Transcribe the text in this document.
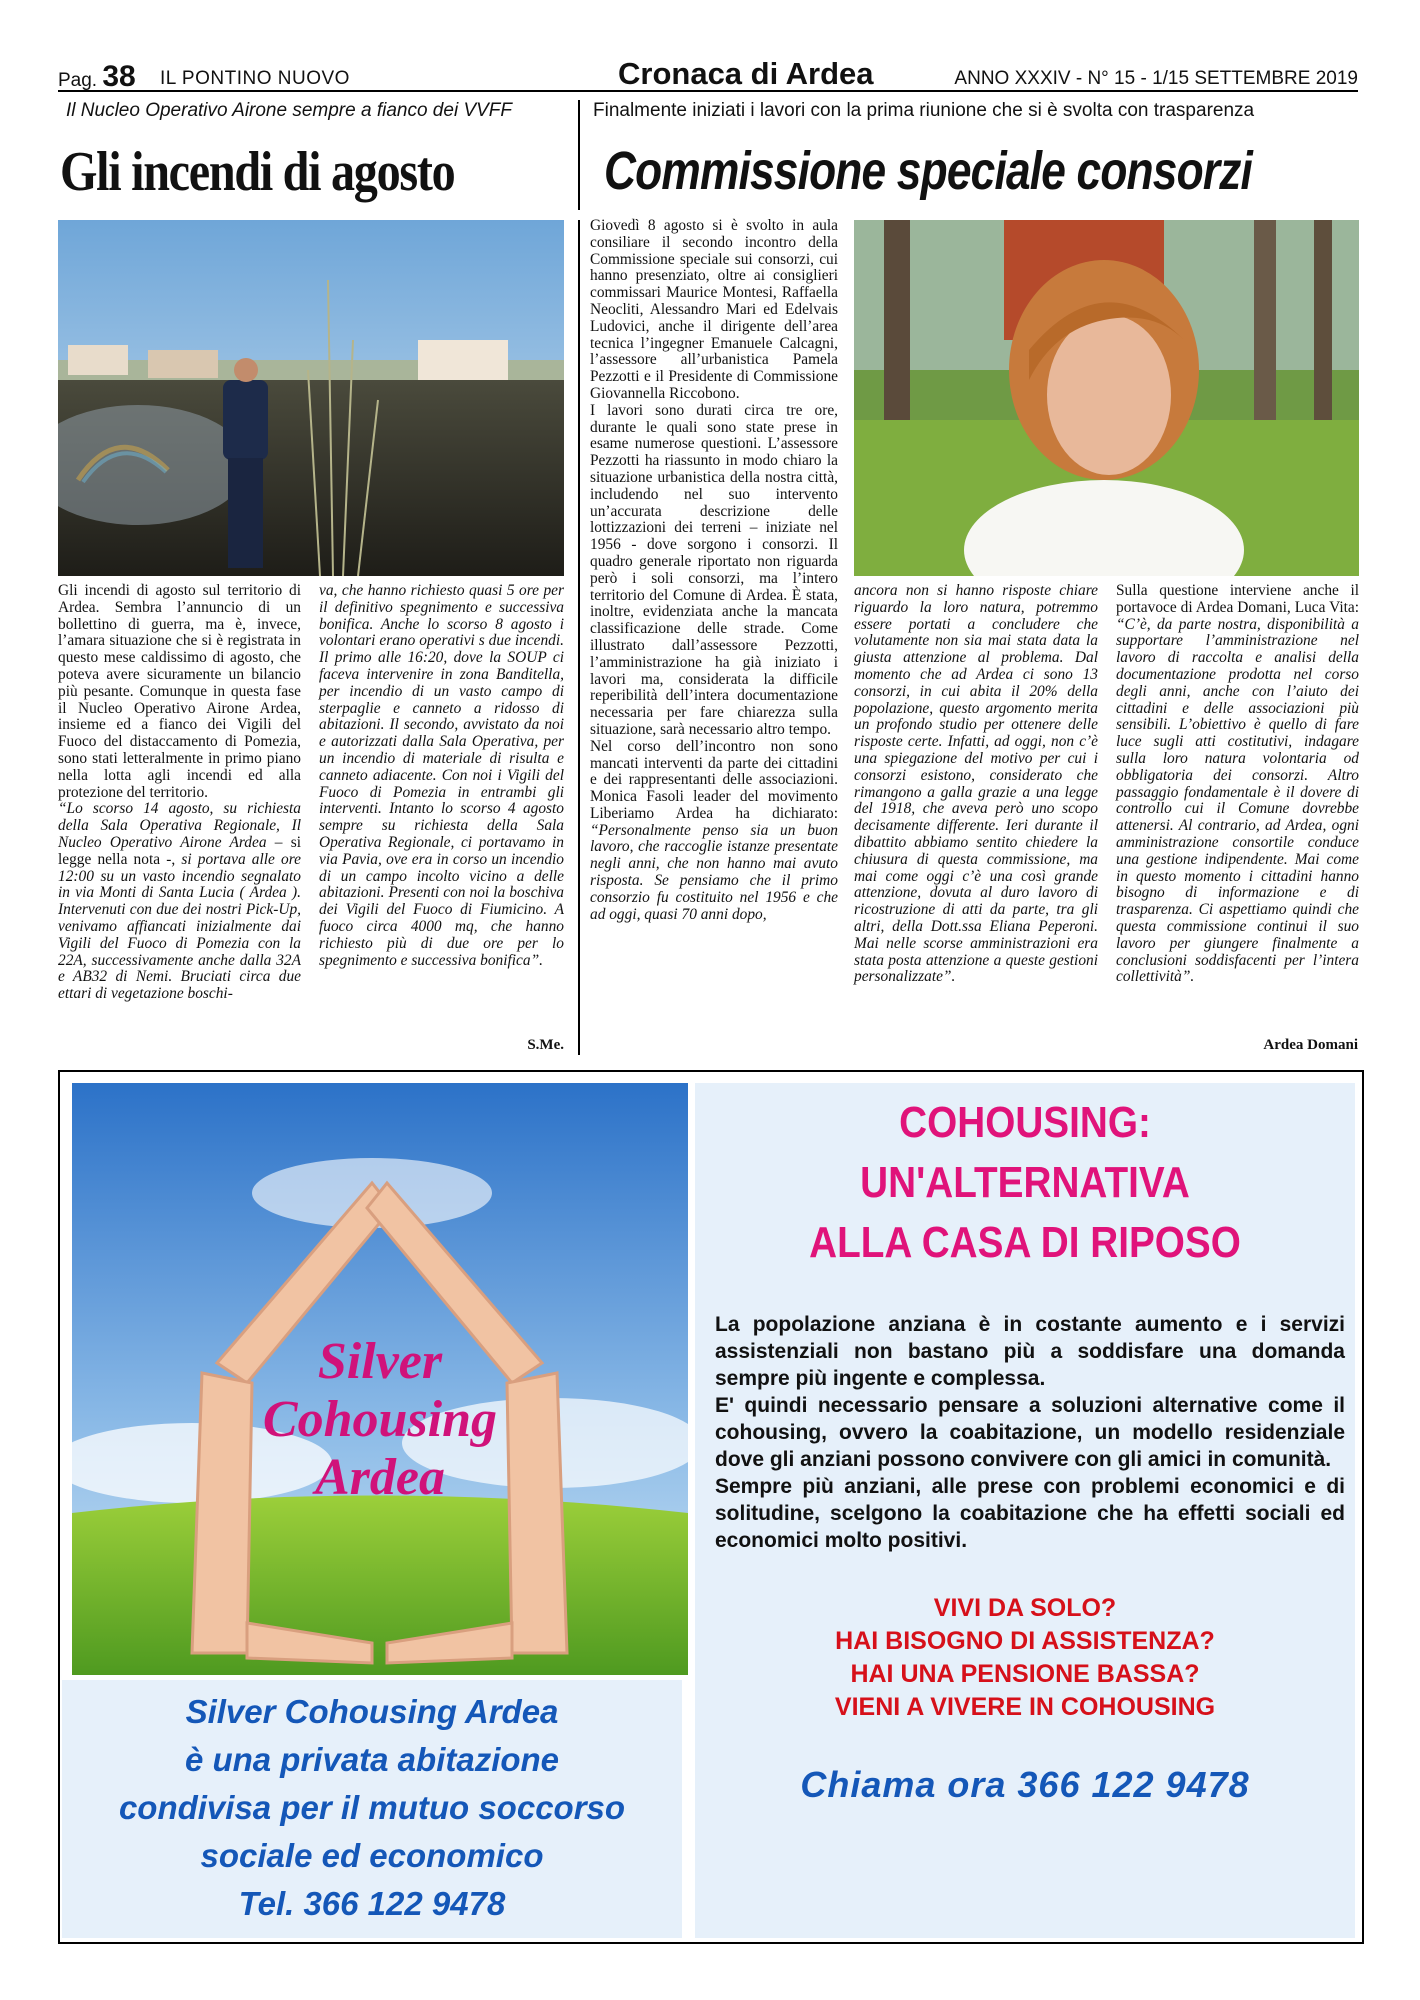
Pag. 38 IL PONTINO NUOVO	Cronaca di Ardea	ANNO XXXIV - N° 15 - 1/15 SETTEMBRE 2019
Il Nucleo Operativo Airone sempre a fianco dei VVFF
Gli incendi di agosto
Finalmente iniziati i lavori con la prima riunione che si è svolta con trasparenza
Commissione speciale consorzi

Gli incendi di agosto sul territorio di Ardea. Sembra l’annuncio di un bollettino di guerra, ma è, invece, l’amara situazione che si è registrata in questo mese caldissimo di agosto, che poteva avere sicuramente un bilancio più pesante. Comunque in questa fase il Nucleo Operativo Airone Ardea, insieme ed a fianco dei Vigili del Fuoco del distaccamento di Pomezia, sono stati letteralmente in primo piano nella lotta agli incendi ed alla protezione del territorio.

“Lo scorso 14 agosto, su richiesta della Sala Operativa Regionale, Il Nucleo Operativo Airone Ardea – si legge nella nota -, si portava alle ore 12:00 su un vasto incendio segnalato in via Monti di Santa Lucia ( Ardea ). Intervenuti con due dei nostri Pick-Up, venivamo affiancati inizialmente dai Vigili del Fuoco di Pomezia con la 22A, successivamente anche dalla 32A e AB32 di Nemi. Bruciati circa due ettari di vegetazione boschi-

va, che hanno richiesto quasi 5 ore per il definitivo spegnimento e successiva bonifica. Anche lo scorso 8 agosto i volontari erano operativi s due incendi. Il primo alle 16:20, dove la SOUP ci faceva intervenire in zona Banditella, per incendio di un vasto campo di sterpaglie e canneto a ridosso di abitazioni. Il secondo, avvistato da noi e autorizzati dalla Sala Operativa, per un incendio di materiale di risulta e canneto adiacente. Con noi i Vigili del Fuoco di Pomezia in entrambi gli interventi. Intanto lo scorso 4 agosto sempre su richiesta della Sala Operativa Regionale, ci portavamo in via Pavia, ove era in corso un incendio di un campo incolto vicino a delle abitazioni. Presenti con noi la boschiva dei Vigili del Fuoco di Fiumicino. A fuoco circa 4000 mq, che hanno richiesto più di due ore per lo spegnimento e successiva bonifica”.

S.Me.

Giovedì 8 agosto si è svolto in aula consiliare il secondo incontro della Commissione speciale sui consorzi, cui hanno presenziato, oltre ai consiglieri commissari Maurice Montesi, Raffaella Neocliti, Alessandro Mari ed Edelvais Ludovici, anche il dirigente dell’area tecnica l’ingegner Emanuele Calcagni, l’assessore all’urbanistica Pamela Pezzotti e il Presidente di Commissione Giovannella Riccobono.

I lavori sono durati circa tre ore, durante le quali sono state prese in esame numerose questioni. L’assessore Pezzotti ha riassunto in modo chiaro la situazione urbanistica della nostra città, includendo nel suo intervento un’accurata descrizione delle lottizzazioni dei terreni – iniziate nel 1956 - dove sorgono i consorzi. Il quadro generale riportato non riguarda però i soli consorzi, ma l’intero territorio del Comune di Ardea. È stata, inoltre, evidenziata anche la mancata classificazione delle strade. Come illustrato dall’assessore Pezzotti, l’amministrazione ha già iniziato i lavori ma, considerata la difficile reperibilità dell’intera documentazione necessaria per fare chiarezza sulla situazione, sarà necessario altro tempo.

Nel corso dell’incontro non sono mancati interventi da parte dei cittadini e dei rappresentanti delle associazioni. Monica Fasoli leader del movimento Liberiamo Ardea ha dichiarato: “Personalmente penso sia un buon lavoro, che raccoglie istanze presentate negli anni, che non hanno mai avuto risposta. Se pensiamo che il primo consorzio fu costituito nel 1956 e che ad oggi, quasi 70 anni dopo,

ancora non si hanno risposte chiare riguardo la loro natura, potremmo essere portati a concludere che volutamente non sia mai stata data la giusta attenzione al problema. Dal momento che ad Ardea ci sono 13 consorzi, in cui abita il 20% della popolazione, questo argomento merita un profondo studio per ottenere delle risposte certe. Infatti, ad oggi, non c’è una spiegazione del motivo per cui i consorzi esistono, considerato che rimangono a galla grazie a una legge del 1918, che aveva però uno scopo decisamente differente. Ieri durante il dibattito abbiamo sentito chiedere la chiusura di questa commissione, ma mai come oggi c’è una così grande attenzione, dovuta al duro lavoro di ricostruzione di atti da parte, tra gli altri, della Dott.ssa Eliana Peperoni. Mai nelle scorse amministrazioni era stata posta attenzione a queste gestioni personalizzate”.

Sulla questione interviene anche il portavoce di Ardea Domani, Luca Vita: “C’è, da parte nostra, disponibilità a supportare l’amministrazione nel lavoro di raccolta e analisi della documentazione prodotta nel corso degli anni, anche con l’aiuto dei cittadini e delle associazioni più sensibili. L’obiettivo è quello di fare luce sugli atti costitutivi, indagare sulla loro natura volontaria od obbligatoria dei consorzi. Altro passaggio fondamentale è il dovere di controllo cui il Comune dovrebbe attenersi. Al contrario, ad Ardea, ogni amministrazione consortile conduce una gestione indipendente. Mai come in questo momento i cittadini hanno bisogno di informazione e di trasparenza. Ci aspettiamo quindi che questa commissione continui il suo lavoro per giungere finalmente a conclusioni soddisfacenti per l’intera collettività”.

Ardea Domani
Silver
Cohousing
Ardea
Silver Cohousing Ardea
è una privata abitazione
condivisa per il mutuo soccorso
sociale ed economico
Tel. 366 122 9478
COHOUSING:
UN'ALTERNATIVA
ALLA CASA DI RIPOSO
La popolazione anziana è in costante aumento e i servizi assistenziali non bastano più a soddisfare una domanda sempre più ingente e complessa.
E' quindi necessario pensare a soluzioni alternative come il cohousing, ovvero la coabitazione, un modello residenziale dove gli anziani possono convivere con gli amici in comunità.
Sempre più anziani, alle prese con problemi economici e di solitudine, scelgono la coabitazione che ha effetti sociali ed economici molto positivi.
VIVI DA SOLO?
HAI BISOGNO DI ASSISTENZA?
HAI UNA PENSIONE BASSA?
VIENI A VIVERE IN COHOUSING
Chiama ora 366 122 9478
